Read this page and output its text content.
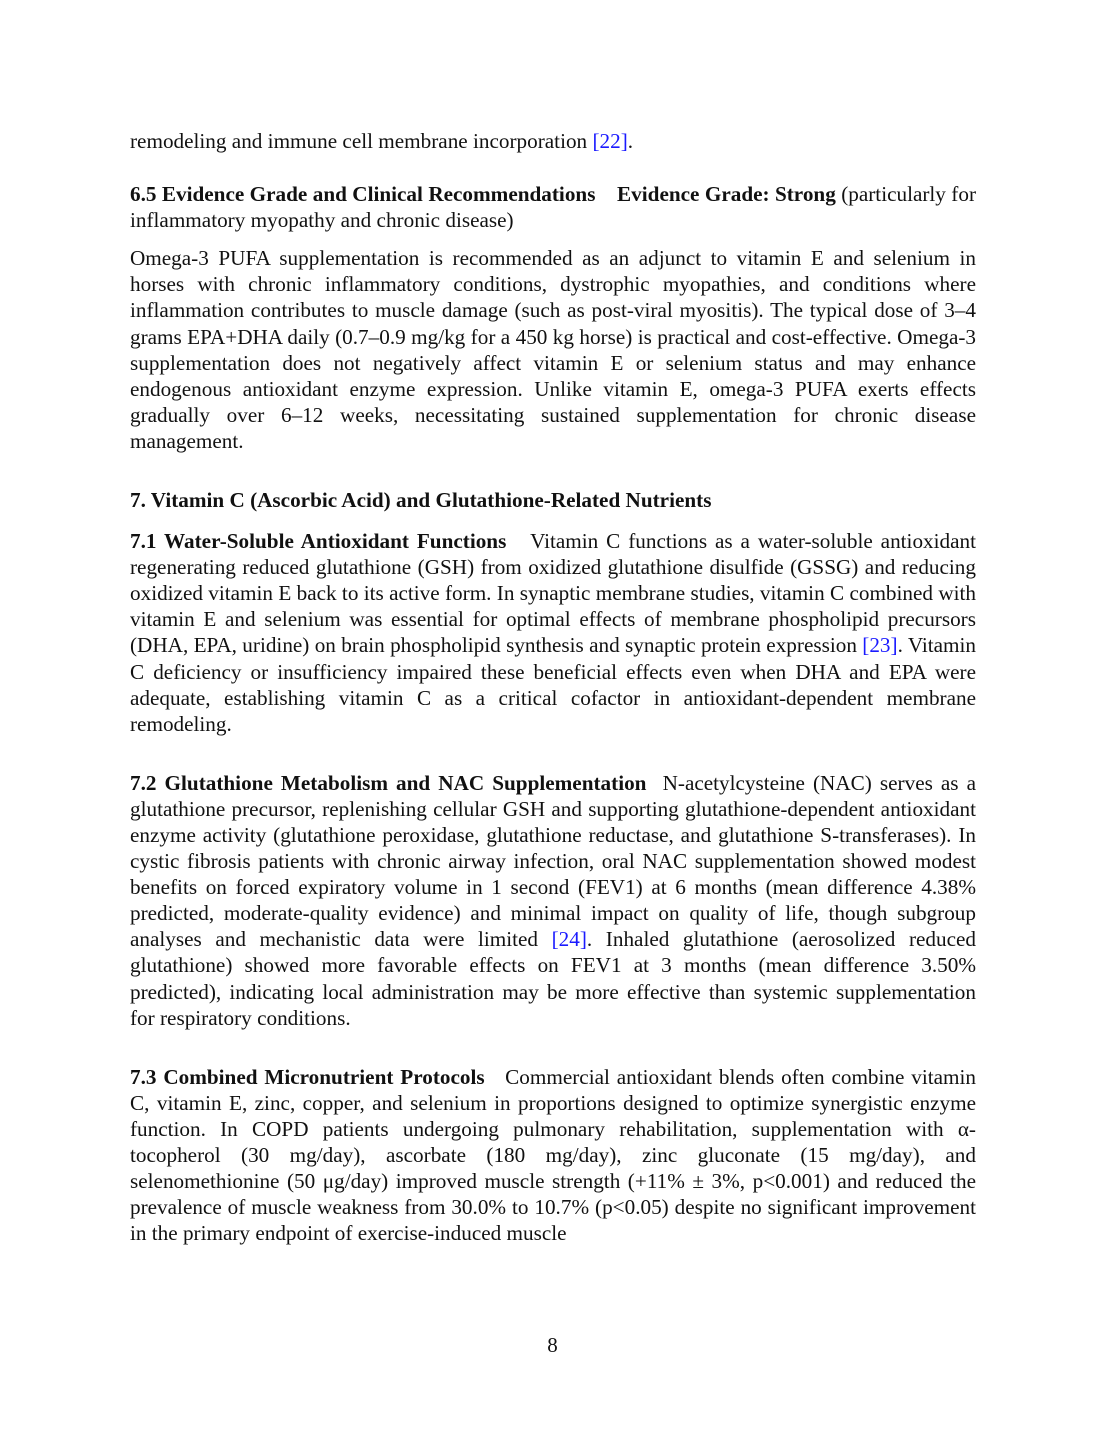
remodeling and immune cell membrane incorporation [22].

6.5 Evidence Grade and Clinical Recommendations Evidence Grade: Strong (particularly for inflammatory myopathy and chronic disease)

Omega-3 PUFA supplementation is recommended as an adjunct to vitamin E and selenium in horses with chronic inflammatory conditions, dystrophic myopathies, and conditions where inflammation contributes to muscle damage (such as post-viral myositis). The typical dose of 3–4 grams EPA+DHA daily (0.7–0.9 mg/kg for a 450 kg horse) is practical and cost-effective. Omega-3 supplementation does not negatively affect vitamin E or selenium status and may enhance endogenous antioxidant enzyme expression. Unlike vitamin E, omega-3 PUFA exerts effects gradually over 6–12 weeks, necessitating sustained supplementation for chronic disease management.

7. Vitamin C (Ascorbic Acid) and Glutathione-Related Nutrients

7.1 Water-Soluble Antioxidant Functions Vitamin C functions as a water-soluble antioxidant regenerating reduced glutathione (GSH) from oxidized glutathione disulfide (GSSG) and reducing oxidized vitamin E back to its active form. In synaptic membrane studies, vitamin C combined with vitamin E and selenium was essential for optimal effects of membrane phospholipid precursors (DHA, EPA, uridine) on brain phospholipid synthesis and synaptic protein expression [23]. Vitamin C deficiency or insufficiency impaired these beneficial effects even when DHA and EPA were adequate, establishing vitamin C as a critical cofactor in antioxidant-dependent membrane remodeling.

7.2 Glutathione Metabolism and NAC Supplementation N-acetylcysteine (NAC) serves as a glutathione precursor, replenishing cellular GSH and supporting glutathione-dependent antioxidant enzyme activity (glutathione peroxidase, glutathione reductase, and glutathione S-transferases). In cystic fibrosis patients with chronic airway infection, oral NAC supplementation showed modest benefits on forced expiratory volume in 1 second (FEV1) at 6 months (mean difference 4.38% predicted, moderate-quality evidence) and minimal impact on quality of life, though subgroup analyses and mechanistic data were limited [24]. Inhaled glutathione (aerosolized reduced glutathione) showed more favorable effects on FEV1 at 3 months (mean difference 3.50% predicted), indicating local administration may be more effective than systemic supplementation for respiratory conditions.

7.3 Combined Micronutrient Protocols Commercial antioxidant blends often combine vitamin C, vitamin E, zinc, copper, and selenium in proportions designed to optimize synergistic enzyme function. In COPD patients undergoing pulmonary rehabilitation, supplementation with α-tocopherol (30 mg/day), ascorbate (180 mg/day), zinc gluconate (15 mg/day), and selenomethionine (50 μg/day) improved muscle strength (+11% ± 3%, p<0.001) and reduced the prevalence of muscle weakness from 30.0% to 10.7% (p<0.05) despite no significant improvement in the primary endpoint of exercise-induced muscle

8
